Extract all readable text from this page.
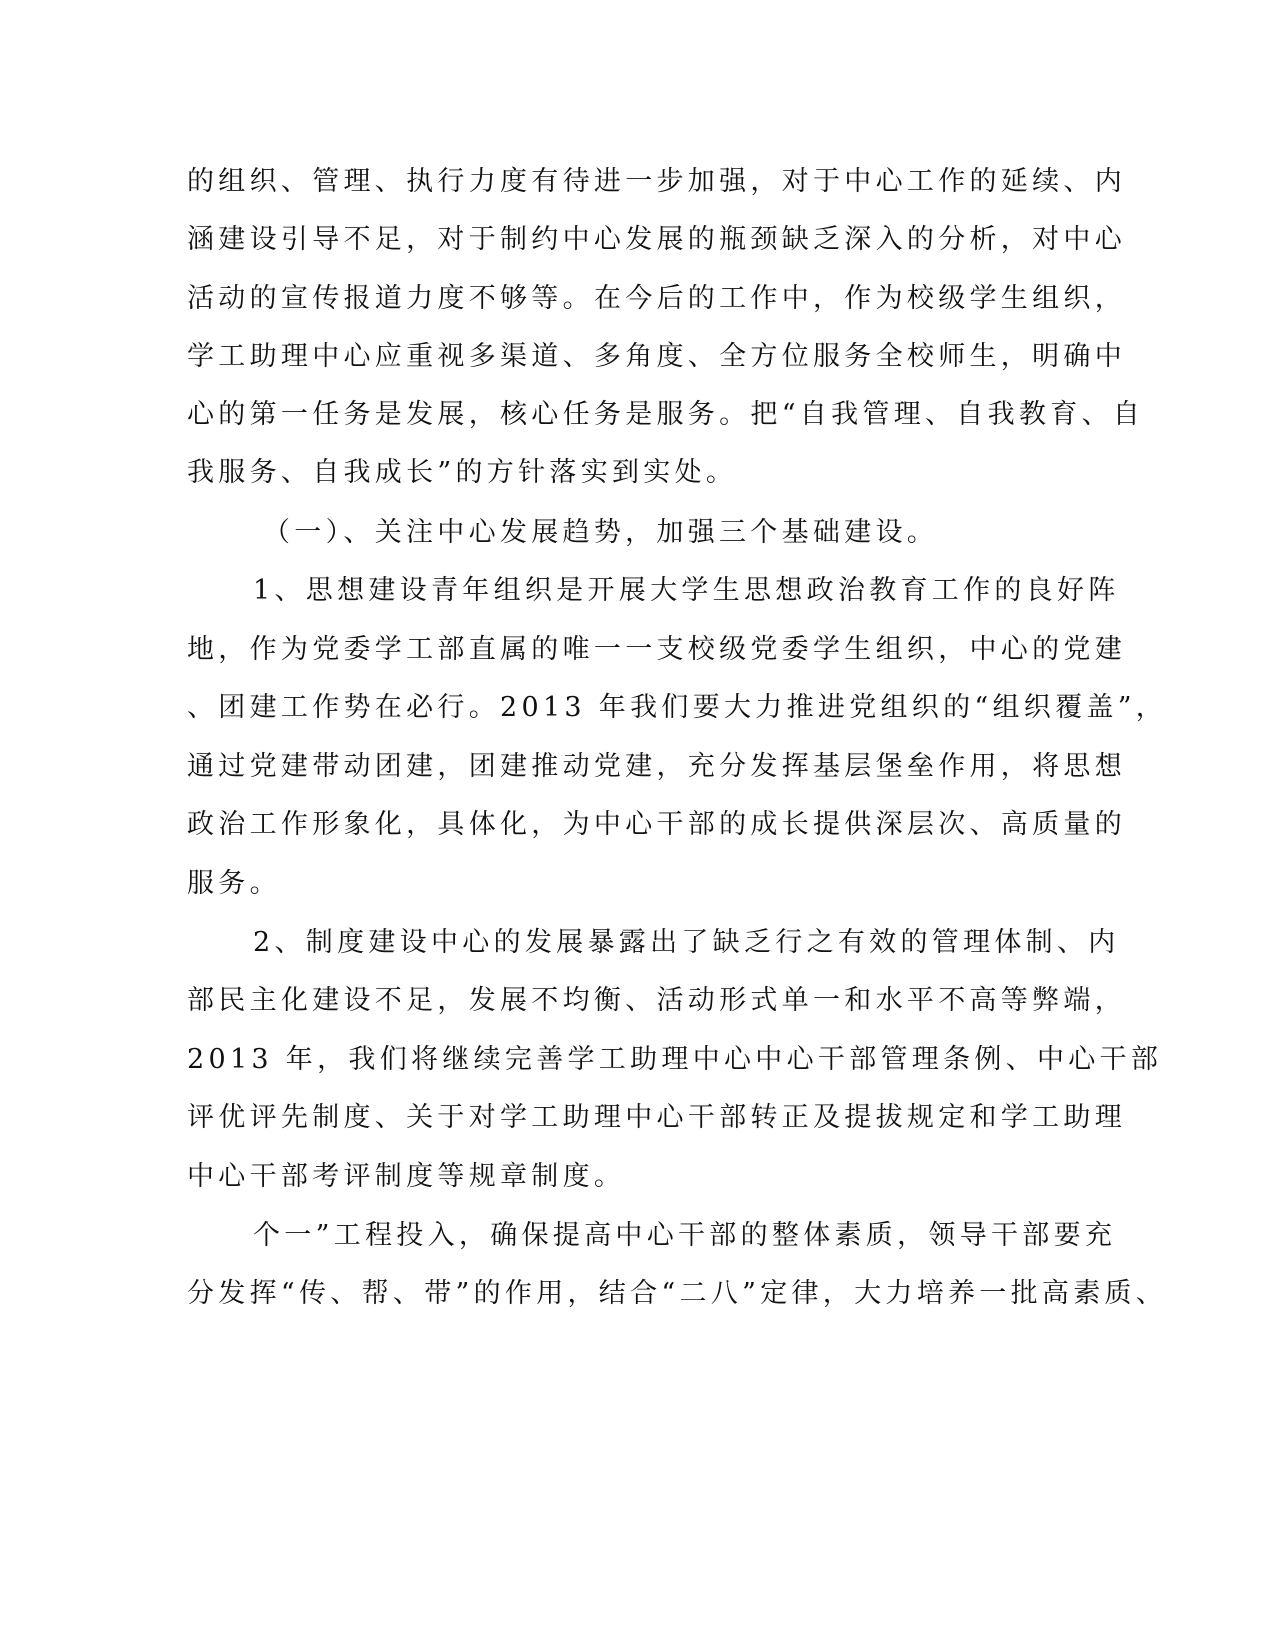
的组织、管理、执行力度有待进一步加强，对于中心工作的延续、内
涵建设引导不足，对于制约中心发展的瓶颈缺乏深入的分析，对中心
活动的宣传报道力度不够等。在今后的工作中，作为校级学生组织，
学工助理中心应重视多渠道、多角度、全方位服务全校师生，明确中
心的第一任务是发展，核心任务是服务。把“自我管理、自我教育、自
我服务、自我成长”的方针落实到实处。
（一）、关注中心发展趋势，加强三个基础建设。
1、思想建设青年组织是开展大学生思想政治教育工作的良好阵
地，作为党委学工部直属的唯一一支校级党委学生组织，中心的党建
、团建工作势在必行。2013 年我们要大力推进党组织的“组织覆盖”，
通过党建带动团建，团建推动党建，充分发挥基层堡垒作用，将思想
政治工作形象化，具体化，为中心干部的成长提供深层次、高质量的
服务。
2、制度建设中心的发展暴露出了缺乏行之有效的管理体制、内
部民主化建设不足，发展不均衡、活动形式单一和水平不高等弊端，
2013 年，我们将继续完善学工助理中心中心干部管理条例、中心干部
评优评先制度、关于对学工助理中心干部转正及提拔规定和学工助理
中心干部考评制度等规章制度。
个一”工程投入，确保提高中心干部的整体素质，领导干部要充
分发挥“传、帮、带”的作用，结合“二八”定律，大力培养一批高素质、
